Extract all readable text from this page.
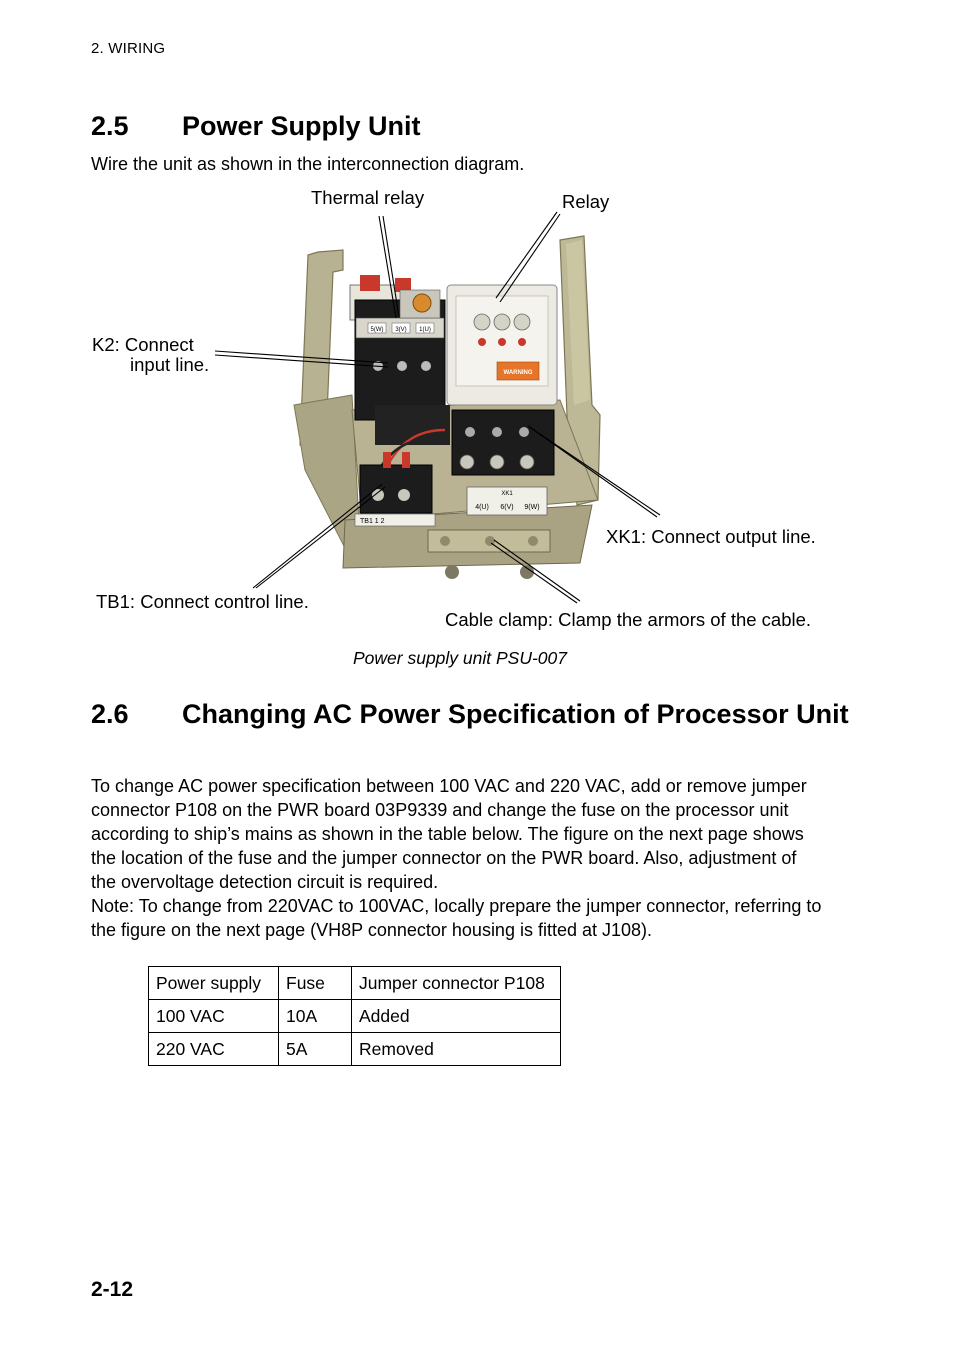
2. WIRING
2.5 Power Supply Unit
Wire the unit as shown in the interconnection diagram.
5(W) 3(V) 1(U)
WARNING
XK1
4(U) 6(V) 9(W)
TB1 1 2
Thermal relay	Relay
K2: Connect
input line.
XK1: Connect output line.
TB1: Connect control line.
Cable clamp: Clamp the armors of the cable.
Power supply unit PSU-007
2.6 Changing AC Power Specification of Processor Unit
To change AC power specification between 100 VAC and 220 VAC, add or remove jumper
connector P108 on the PWR board 03P9339 and change the fuse on the processor unit
according to ship’s mains as shown in the table below. The figure on the next page shows
the location of the fuse and the jumper connector on the PWR board. Also, adjustment of
the overvoltage detection circuit is required.
Note: To change from 220VAC to 100VAC, locally prepare the jumper connector, referring to
the figure on the next page (VH8P connector housing is fitted at J108).
Power supply	Fuse	Jumper connector P108
100 VAC	10A	Added
220 VAC	5A	Removed
2-12
